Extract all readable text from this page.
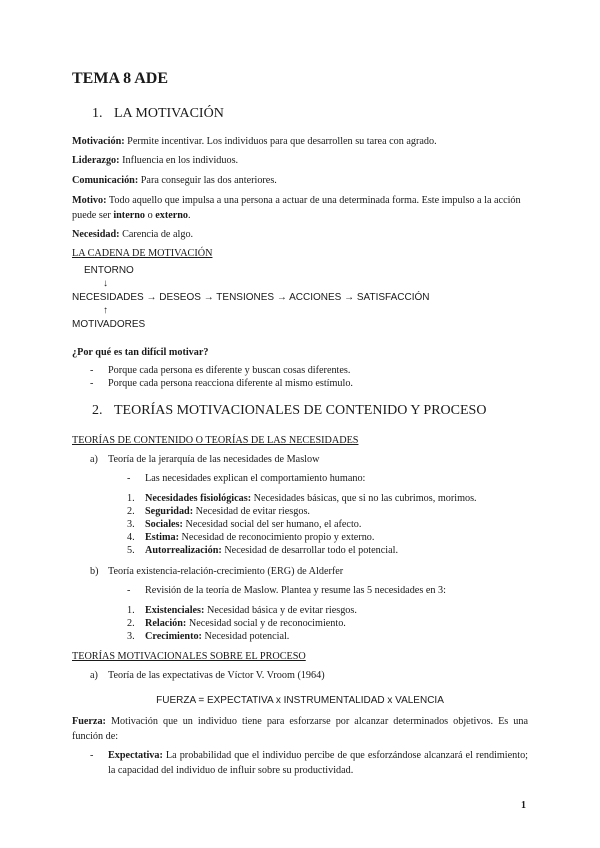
TEMA 8 ADE
1. LA MOTIVACIÓN
Motivación: Permite incentivar. Los individuos para que desarrollen su tarea con agrado.
Liderazgo: Influencia en los individuos.
Comunicación: Para conseguir las dos anteriores.
Motivo: Todo aquello que impulsa a una persona a actuar de una determinada forma. Este impulso a la acción puede ser interno o externo.
Necesidad: Carencia de algo.
LA CADENA DE MOTIVACIÓN
ENTORNO
↓
NECESIDADES → DESEOS → TENSIONES → ACCIONES → SATISFACCIÓN
↑
MOTIVADORES
¿Por qué es tan difícil motivar?
- Porque cada persona es diferente y buscan cosas diferentes.
- Porque cada persona reacciona diferente al mismo estímulo.
2. TEORÍAS MOTIVACIONALES DE CONTENIDO Y PROCESO
TEORÍAS DE CONTENIDO O TEORÍAS DE LAS NECESIDADES
a) Teoría de la jerarquía de las necesidades de Maslow
- Las necesidades explican el comportamiento humano:
1. Necesidades fisiológicas: Necesidades básicas, que si no las cubrimos, morimos.
2. Seguridad: Necesidad de evitar riesgos.
3. Sociales: Necesidad social del ser humano, el afecto.
4. Estima: Necesidad de reconocimiento propio y externo.
5. Autorrealización: Necesidad de desarrollar todo el potencial.
b) Teoría existencia-relación-crecimiento (ERG) de Alderfer
- Revisión de la teoría de Maslow. Plantea y resume las 5 necesidades en 3:
1. Existenciales: Necesidad básica y de evitar riesgos.
2. Relación: Necesidad social y de reconocimiento.
3. Crecimiento: Necesidad potencial.
TEORÍAS MOTIVACIONALES SOBRE EL PROCESO
a) Teoría de las expectativas de Víctor V. Vroom (1964)
FUERZA = EXPECTATIVA x INSTRUMENTALIDAD x VALENCIA
Fuerza: Motivación que un individuo tiene para esforzarse por alcanzar determinados objetivos. Es una función de:
- Expectativa: La probabilidad que el individuo percibe de que esforzándose alcanzará el rendimiento; la capacidad del individuo de influir sobre su productividad.
1
